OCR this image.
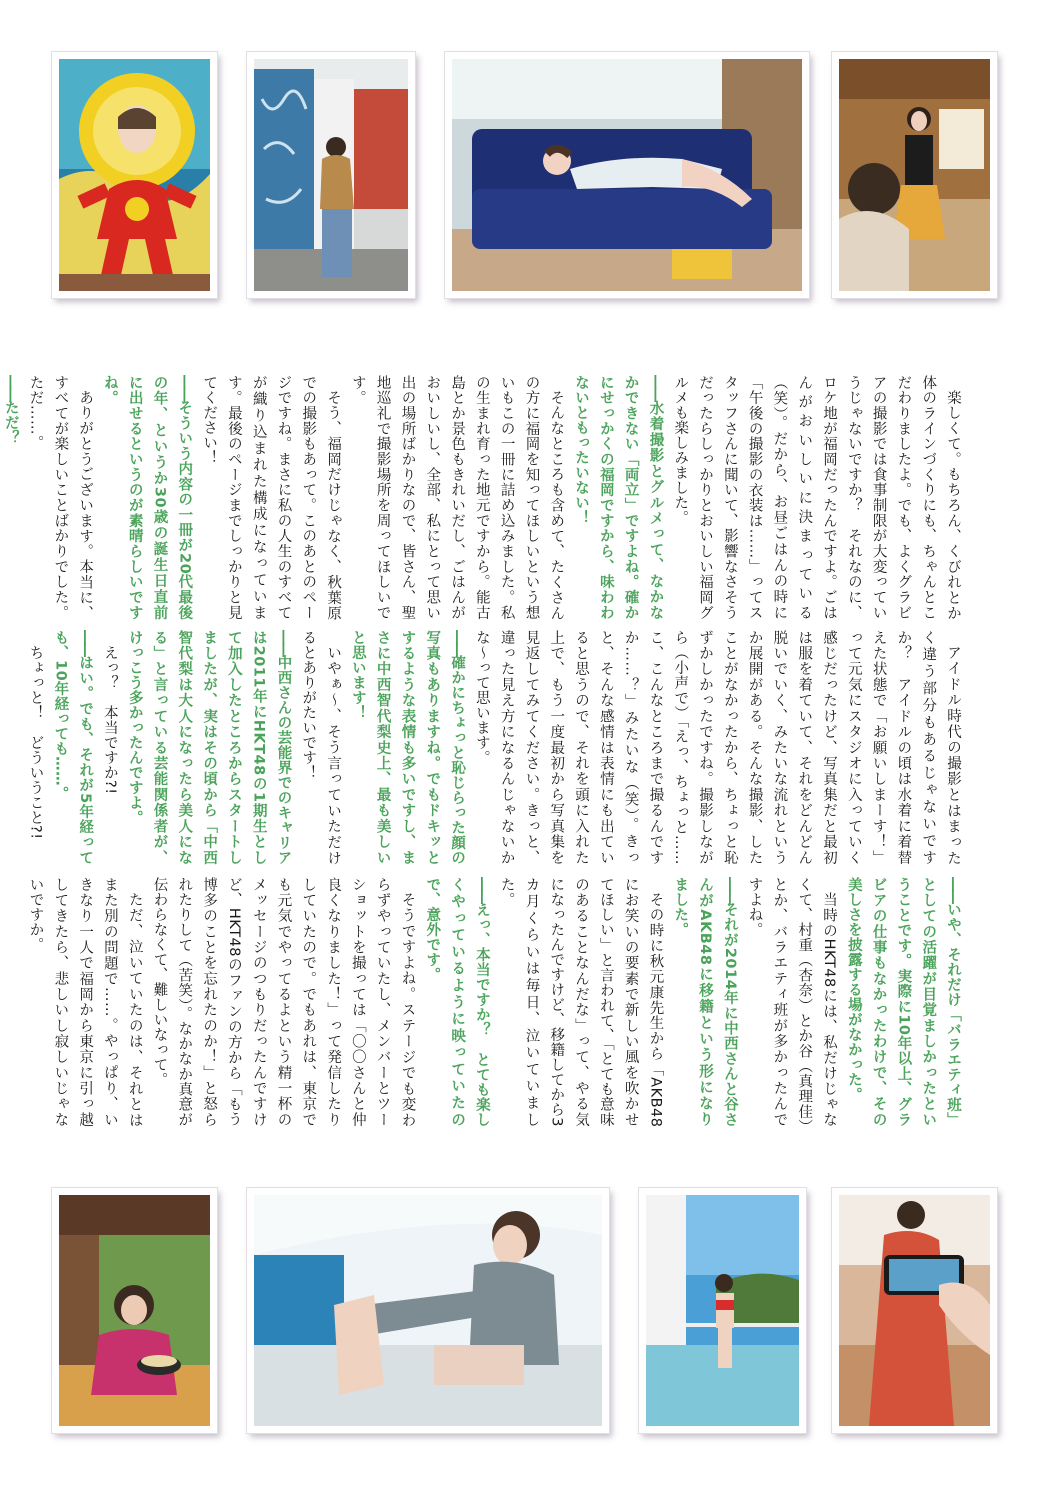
楽しくて。もちろん、くびれとか体のラインづくりにも、ちゃんとこだわりましたよ。でも、よくグラビアの撮影では食事制限が大変っていうじゃないですか？　それなのに、ロケ地が福岡だったんですよ。ごはんがおいしいに決まっている（笑）。だから、お昼ごはんの時に「午後の撮影の衣装は……」ってスタッフさんに聞いて、影響なさそうだったらしっかりとおいしい福岡グルメも楽しみました。

―― 水着撮影とグルメって、なかなかできない「両立」ですよね。確かにせっかくの福岡ですから、味わわないともったいない！

そんなところも含めて、たくさんの方に福岡を知ってほしいという想いもこの一冊に詰め込みました。私の生まれ育った地元ですから。能古島とか景色もきれいだし、ごはんがおいしいし、全部、私にとって思い出の場所ばかりなので、皆さん、聖地巡礼で撮影場所を周ってほしいです。

そう、福岡だけじゃなく、秋葉原での撮影もあって。このあとのページですね。まさに私の人生のすべてが織り込まれた構成になっています。最後のページまでしっかりと見てください！

―― そういう内容の一冊が20代最後の年、というか30歳の誕生日直前に出せるというのが素晴らしいですね。

ありがとうございます。本当に、すべてが楽しいことばかりでした。ただ……。

―― ただ？

アイドル時代の撮影とはまったく違う部分もあるじゃないですか？　アイドルの頃は水着に着替えた状態で「お願いしまーす！」って元気にスタジオに入っていく感じだったけど、写真集だと最初は服を着ていて、それをどんどん脱いでいく、みたいな流れというか展開がある。そんな撮影、したことがなかったから、ちょっと恥ずかしかったですね。撮影しながら（小声で）「えっ、ちょっと……こ、こんなところまで撮るんですか……？」みたいな（笑）。きっと、そんな感情は表情にも出ていると思うので、それを頭に入れた上で、もう一度最初から写真集を見返してみてください。きっと、違った見え方になるんじゃないかな～って思います。

―― 確かにちょっと恥じらった顔の写真もありますね。でもドキッとするような表情も多いですし、まさに中西智代梨史上、最も美しいと思います！

いやぁ～、そう言っていただけるとありがたいです！

―― 中西さんの芸能界でのキャリアは2011年にHKT48の1期生として加入したところからスタートしましたが、実はその頃から「中西智代梨は大人になったら美人になる」と言っている芸能関係者が、けっこう多かったんですよ。

えっ？　本当ですか?!

―― はい。でも、それが5年経っても、10年経っても……。

ちょっと！　どういうこと?!

―― いや、それだけ「バラエティ班」としての活躍が目覚ましかったということです。実際に10年以上、グラビアの仕事もなかったわけで、その美しさを披露する場がなかった。

当時のHKT48には、私だけじゃなくて、村重（杏奈）とか谷（真理佳）とか、バラエティ班が多かったんですよね。

―― それが2014年に中西さんと谷さんがAKB48に移籍という形になりました。

その時に秋元康先生から「AKB48にお笑いの要素で新しい風を吹かせてほしい」と言われて、「とても意味のあることなんだな」って、やる気になったんですけど、移籍してから3カ月くらいは毎日、泣いていました。

―― えっ、本当ですか？　とても楽しくやっているように映っていたので、意外です。

そうですよね。ステージでも変わらずやっていたし、メンバーとツーショットを撮っては「〇〇さんと仲良くなりました！」って発信したりしていたので。でもあれは、東京でも元気でやってるよという精一杯のメッセージのつもりだったんですけど、HKT48のファンの方から「もう博多のことを忘れたのか！」と怒られたりして（苦笑）。なかなか真意が伝わらなくて、難しいなって。

ただ、泣いていたのは、それとはまた別の問題で……。やっぱり、いきなり一人で福岡から東京に引っ越してきたら、悲しいし寂しいじゃないですか。
